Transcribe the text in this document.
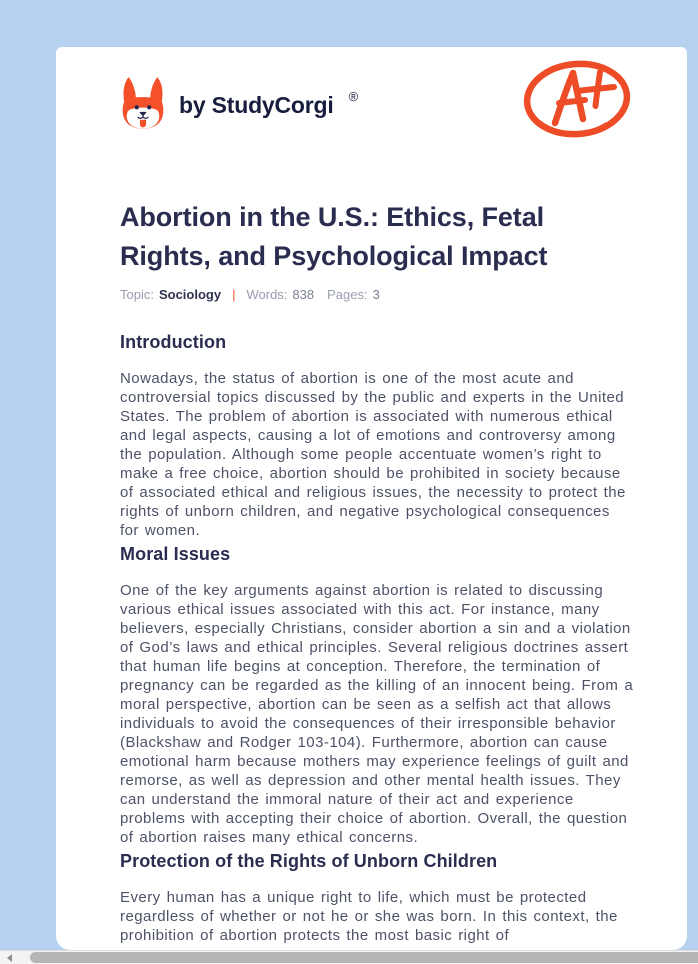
by StudyCorgi ®
Abortion in the U.S.: Ethics, Fetal Rights, and Psychological Impact
Topic: Sociology | Words: 838 Pages: 3
Introduction

Nowadays, the status of abortion is one of the most acute and controversial topics discussed by the public and experts in the United States. The problem of abortion is associated with numerous ethical and legal aspects, causing a lot of emotions and controversy among the population. Although some people accentuate women’s right to make a free choice, abortion should be prohibited in society because of associated ethical and religious issues, the necessity to protect the rights of unborn children, and negative psychological consequences for women.

Moral Issues

One of the key arguments against abortion is related to discussing various ethical issues associated with this act. For instance, many believers, especially Christians, consider abortion a sin and a violation of God’s laws and ethical principles. Several religious doctrines assert that human life begins at conception. Therefore, the termination of pregnancy can be regarded as the killing of an innocent being. From a moral perspective, abortion can be seen as a selfish act that allows individuals to avoid the consequences of their irresponsible behavior (Blackshaw and Rodger 103-104). Furthermore, abortion can cause emotional harm because mothers may experience feelings of guilt and remorse, as well as depression and other mental health issues. They can understand the immoral nature of their act and experience problems with accepting their choice of abortion. Overall, the question of abortion raises many ethical concerns.

Protection of the Rights of Unborn Children

Every human has a unique right to life, which must be protected regardless of whether or not he or she was born. In this context, the prohibition of abortion protects the most basic right of
